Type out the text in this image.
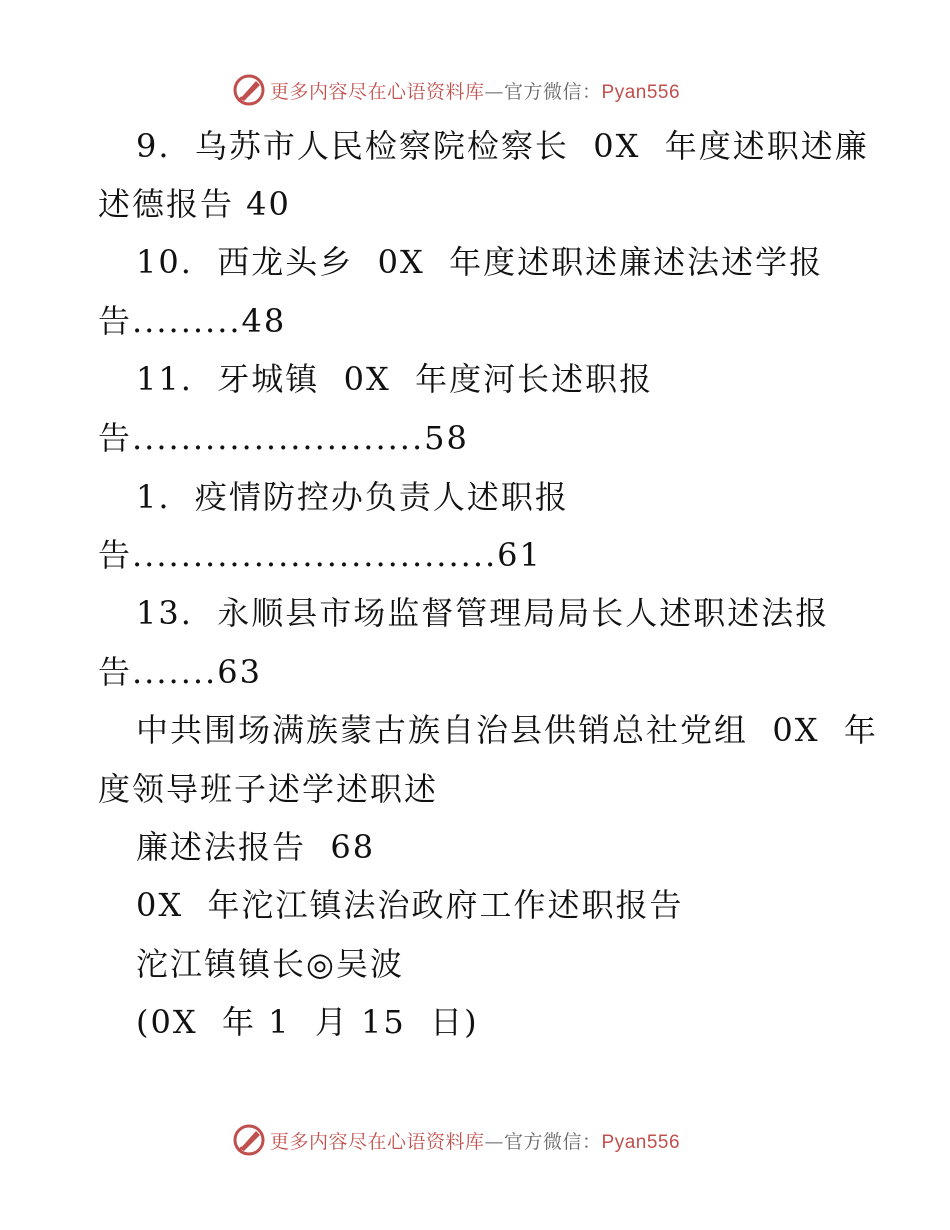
更多内容尽在心语资料库—官方微信：Pyan556
9.  乌苏市人民检察院检察长  0X  年度述职述廉
述德报告 40
10.  西龙头乡  0X  年度述职述廉述法述学报
告.........48
11.  牙城镇  0X  年度河长述职报
告........................58
1.  疫情防控办负责人述职报
告..............................61
13.  永顺县市场监督管理局局长人述职述法报
告.......63
中共围场满族蒙古族自治县供销总社党组  0X  年
度领导班子述学述职述
廉述法报告  68
0X  年沱江镇法治政府工作述职报告
沱江镇镇长◎吴波
(0X  年 1  月 15  日)
更多内容尽在心语资料库—官方微信：Pyan556
